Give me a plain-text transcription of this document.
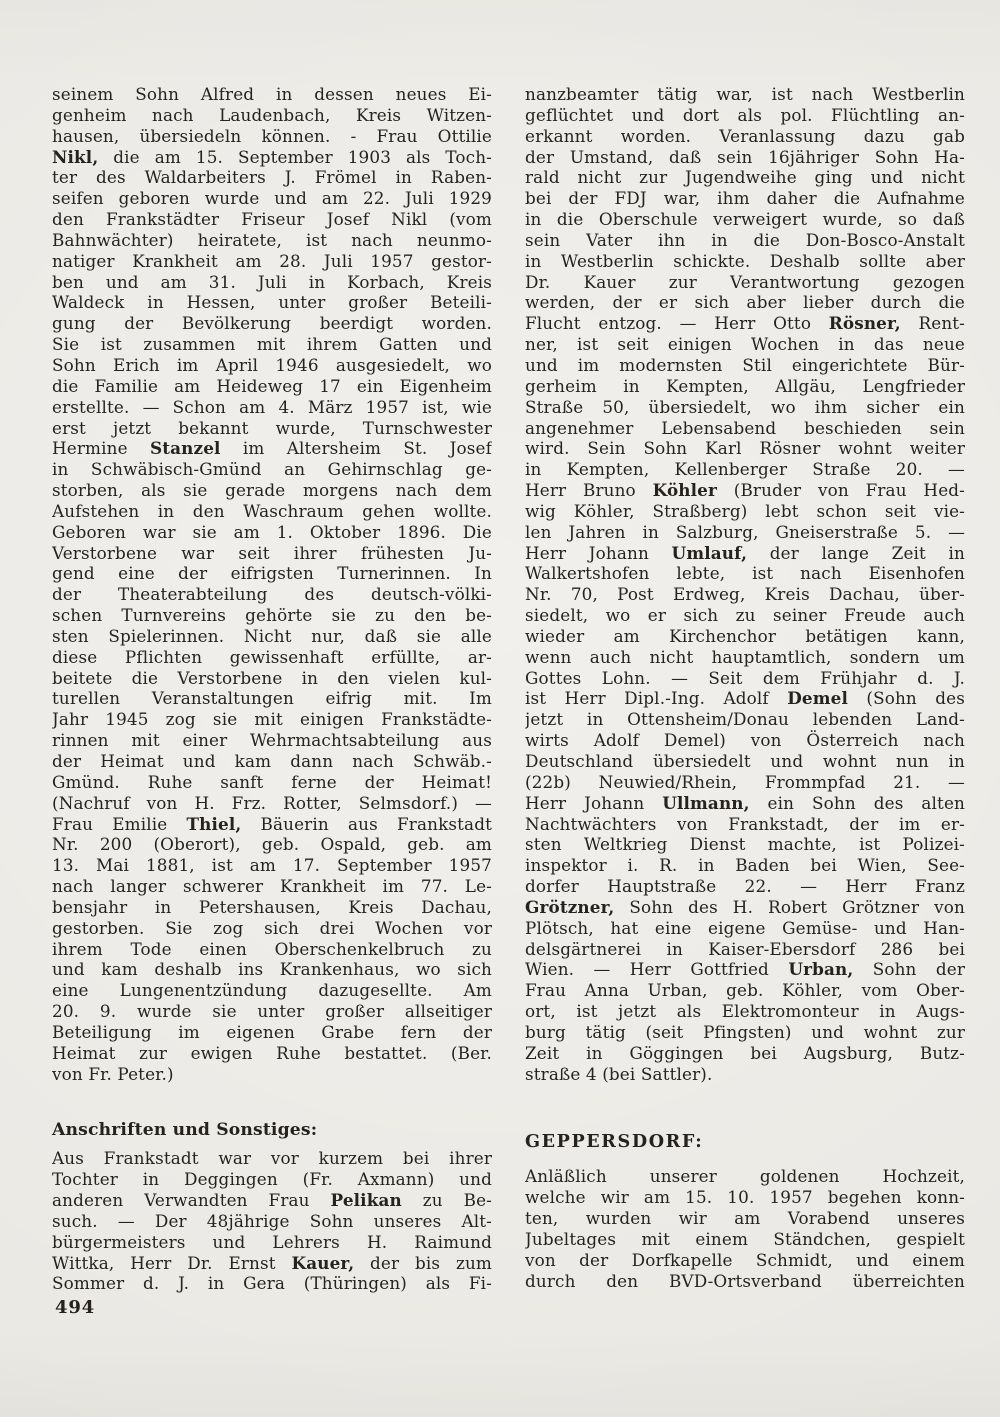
seinem Sohn Alfred in dessen neues Ei-
genheim nach Laudenbach, Kreis Witzen-
hausen, übersiedeln können. - Frau Ottilie
Nikl, die am 15. September 1903 als Toch-
ter des Waldarbeiters J. Frömel in Raben-
seifen geboren wurde und am 22. Juli 1929
den Frankstädter Friseur Josef Nikl (vom
Bahnwächter) heiratete, ist nach neunmo-
natiger Krankheit am 28. Juli 1957 gestor-
ben und am 31. Juli in Korbach, Kreis
Waldeck in Hessen, unter großer Beteili-
gung der Bevölkerung beerdigt worden.
Sie ist zusammen mit ihrem Gatten und
Sohn Erich im April 1946 ausgesiedelt, wo
die Familie am Heideweg 17 ein Eigenheim
erstellte. — Schon am 4. März 1957 ist, wie
erst jetzt bekannt wurde, Turnschwester
Hermine Stanzel im Altersheim St. Josef
in Schwäbisch-Gmünd an Gehirnschlag ge-
storben, als sie gerade morgens nach dem
Aufstehen in den Waschraum gehen wollte.
Geboren war sie am 1. Oktober 1896. Die
Verstorbene war seit ihrer frühesten Ju-
gend eine der eifrigsten Turnerinnen. In
der Theaterabteilung des deutsch-völki-
schen Turnvereins gehörte sie zu den be-
sten Spielerinnen. Nicht nur, daß sie alle
diese Pflichten gewissenhaft erfüllte, ar-
beitete die Verstorbene in den vielen kul-
turellen Veranstaltungen eifrig mit. Im
Jahr 1945 zog sie mit einigen Frankstädte-
rinnen mit einer Wehrmachtsabteilung aus
der Heimat und kam dann nach Schwäb.-
Gmünd. Ruhe sanft ferne der Heimat!
(Nachruf von H. Frz. Rotter, Selmsdorf.) —
Frau Emilie Thiel, Bäuerin aus Frankstadt
Nr. 200 (Oberort), geb. Ospald, geb. am
13. Mai 1881, ist am 17. September 1957
nach langer schwerer Krankheit im 77. Le-
bensjahr in Petershausen, Kreis Dachau,
gestorben. Sie zog sich drei Wochen vor
ihrem Tode einen Oberschenkelbruch zu
und kam deshalb ins Krankenhaus, wo sich
eine Lungenentzündung dazugesellte. Am
20. 9. wurde sie unter großer allseitiger
Beteiligung im eigenen Grabe fern der
Heimat zur ewigen Ruhe bestattet. (Ber.
von Fr. Peter.)
Anschriften und Sonstiges:
Aus Frankstadt war vor kurzem bei ihrer
Tochter in Deggingen (Fr. Axmann) und
anderen Verwandten Frau Pelikan zu Be-
such. — Der 48jährige Sohn unseres Alt-
bürgermeisters und Lehrers H. Raimund
Wittka, Herr Dr. Ernst Kauer, der bis zum
Sommer d. J. in Gera (Thüringen) als Fi-
nanzbeamter tätig war, ist nach Westberlin
geflüchtet und dort als pol. Flüchtling an-
erkannt worden. Veranlassung dazu gab
der Umstand, daß sein 16jähriger Sohn Ha-
rald nicht zur Jugendweihe ging und nicht
bei der FDJ war, ihm daher die Aufnahme
in die Oberschule verweigert wurde, so daß
sein Vater ihn in die Don-Bosco-Anstalt
in Westberlin schickte. Deshalb sollte aber
Dr. Kauer zur Verantwortung gezogen
werden, der er sich aber lieber durch die
Flucht entzog. — Herr Otto Rösner, Rent-
ner, ist seit einigen Wochen in das neue
und im modernsten Stil eingerichtete Bür-
gerheim in Kempten, Allgäu, Lengfrieder
Straße 50, übersiedelt, wo ihm sicher ein
angenehmer Lebensabend beschieden sein
wird. Sein Sohn Karl Rösner wohnt weiter
in Kempten, Kellenberger Straße 20. —
Herr Bruno Köhler (Bruder von Frau Hed-
wig Köhler, Straßberg) lebt schon seit vie-
len Jahren in Salzburg, Gneiserstraße 5. —
Herr Johann Umlauf, der lange Zeit in
Walkertshofen lebte, ist nach Eisenhofen
Nr. 70, Post Erdweg, Kreis Dachau, über-
siedelt, wo er sich zu seiner Freude auch
wieder am Kirchenchor betätigen kann,
wenn auch nicht hauptamtlich, sondern um
Gottes Lohn. — Seit dem Frühjahr d. J.
ist Herr Dipl.-Ing. Adolf Demel (Sohn des
jetzt in Ottensheim/Donau lebenden Land-
wirts Adolf Demel) von Österreich nach
Deutschland übersiedelt und wohnt nun in
(22b) Neuwied/Rhein, Frommpfad 21. —
Herr Johann Ullmann, ein Sohn des alten
Nachtwächters von Frankstadt, der im er-
sten Weltkrieg Dienst machte, ist Polizei-
inspektor i. R. in Baden bei Wien, See-
dorfer Hauptstraße 22. — Herr Franz
Grötzner, Sohn des H. Robert Grötzner von
Plötsch, hat eine eigene Gemüse- und Han-
delsgärtnerei in Kaiser-Ebersdorf 286 bei
Wien. — Herr Gottfried Urban, Sohn der
Frau Anna Urban, geb. Köhler, vom Ober-
ort, ist jetzt als Elektromonteur in Augs-
burg tätig (seit Pfingsten) und wohnt zur
Zeit in Göggingen bei Augsburg, Butz-
straße 4 (bei Sattler).
GEPPERSDORF:
Anläßlich unserer goldenen Hochzeit,
welche wir am 15. 10. 1957 begehen konn-
ten, wurden wir am Vorabend unseres
Jubeltages mit einem Ständchen, gespielt
von der Dorfkapelle Schmidt, und einem
durch den BVD-Ortsverband überreichten
494
